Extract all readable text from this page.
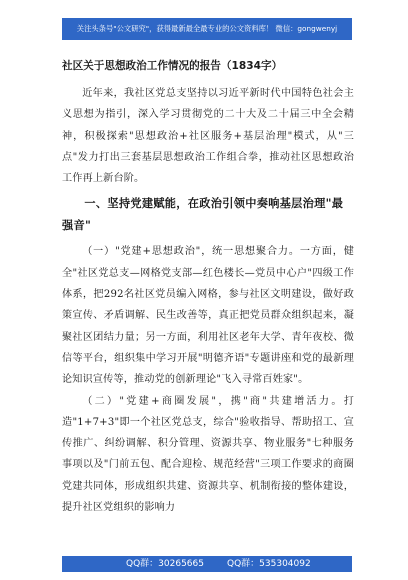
关注头条号"公文研究"，获得最新最全最专业的公文资料库！ 微信：gongwenyj
社区关于思想政治工作情况的报告（1834字）

近年来，我社区党总支坚持以习近平新时代中国特色社会主义思想为指引，深入学习贯彻党的二十大及二十届三中全会精神，积极探索"思想政治+社区服务+基层治理"模式，从"三点"发力打出三套基层思想政治工作组合拳，推动社区思想政治工作再上新台阶。

一、坚持党建赋能，在政治引领中奏响基层治理"最强音"

（一）"党建+思想政治"，统一思想聚合力。一方面，健全"社区党总支—网格党支部—红色楼长—党员中心户"四级工作体系，把292名社区党员编入网格，参与社区文明建设，做好政策宣传、矛盾调解、民生改善等，真正把党员群众组织起来，凝聚社区团结力量；另一方面，利用社区老年大学、青年夜校、微信等平台，组织集中学习开展"明德齐语"专题讲座和党的最新理论知识宣传等，推动党的创新理论"飞入寻常百姓家"。

（二）"党建+商圈发展"，携"商"共建增活力。打造"1+7+3"即一个社区党总支，综合"验收指导、帮助招工、宣传推广、纠纷调解、积分管理、资源共享、物业服务"七种服务事项以及"门前五包、配合迎检、规范经营"三项工作要求的商圈党建共同体，形成组织共建、资源共享、机制衔接的整体建设，提升社区党组织的影响力

QQ群：30265665	QQ群：535304092
